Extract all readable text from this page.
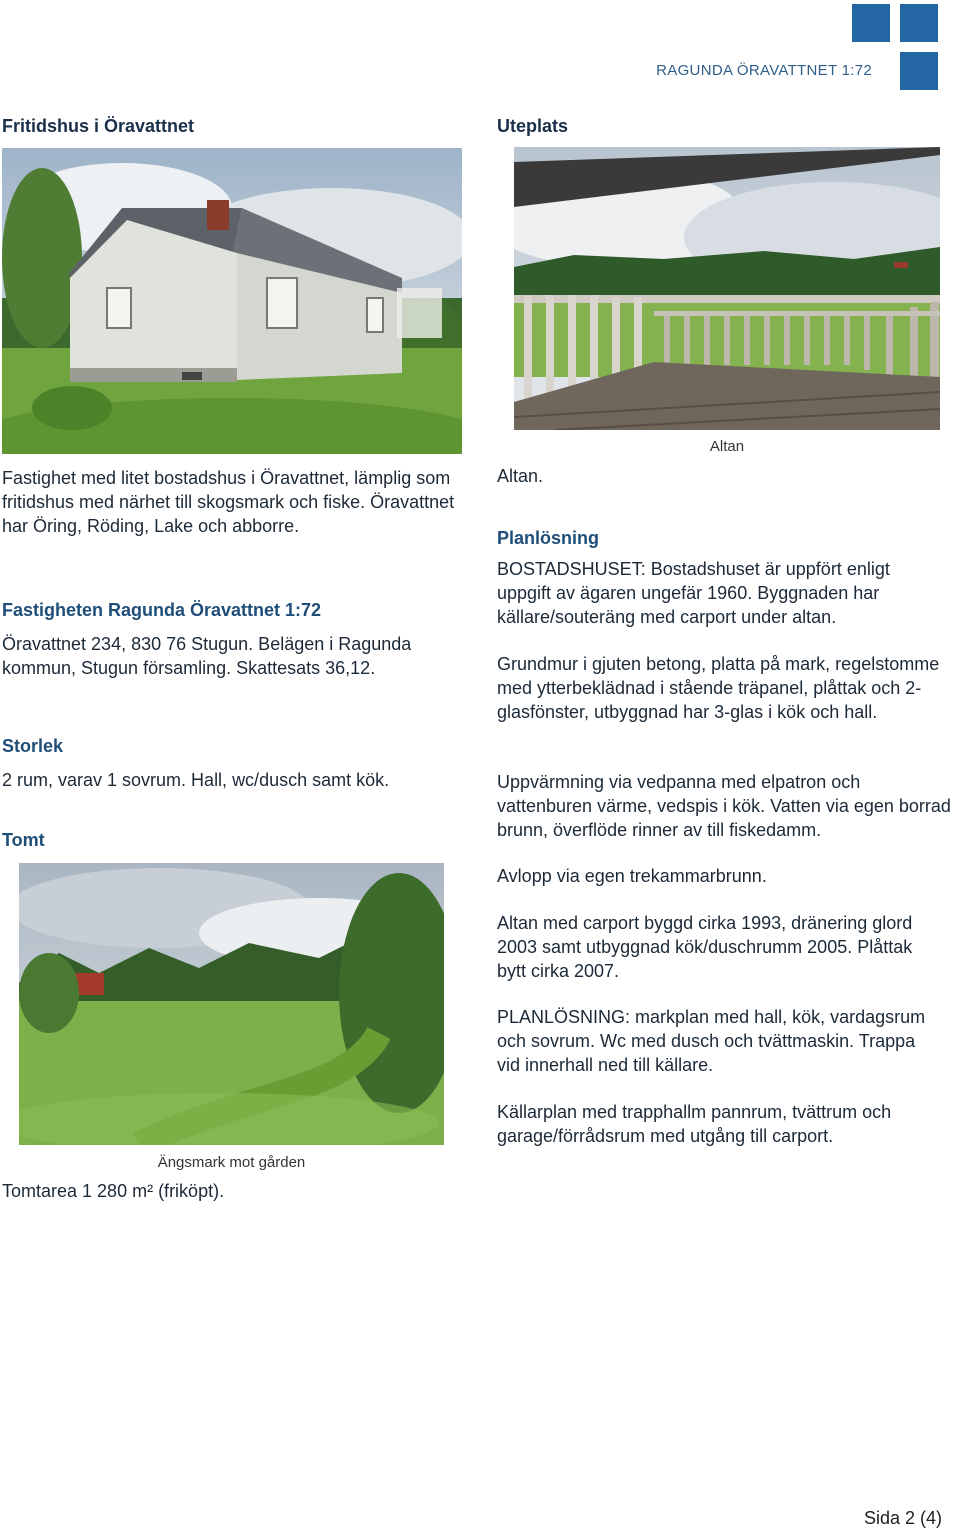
RAGUNDA ÖRAVATTNET 1:72
Fritidshus i Öravattnet

Fastighet med litet bostadshus i Öravattnet, lämplig som fritidshus med närhet till skogsmark och fiske. Öravattnet har Öring, Röding, Lake och abborre.

Fastigheten Ragunda Öravattnet 1:72

Öravattnet 234, 830 76 Stugun. Belägen i Ragunda kommun, Stugun församling. Skattesats 36,12.

Storlek

2 rum, varav 1 sovrum. Hall, wc/dusch samt kök.

Tomt

Ängsmark mot gården

Tomtarea 1 280 m² (friköpt).

Uteplats
Altan

Altan.

Planlösning

BOSTADSHUSET: Bostadshuset är uppfört enligt uppgift av ägaren ungefär 1960. Byggnaden har källare/souteräng med carport under altan.

Grundmur i gjuten betong, platta på mark, regelstomme med ytterbeklädnad i stående träpanel, plåttak och 2-glasfönster, utbyggnad har 3-glas i kök och hall.

Uppvärmning via vedpanna med elpatron och vattenburen värme, vedspis i kök. Vatten via egen borrad brunn, överflöde rinner av till fiskedamm.

Avlopp via egen trekammarbrunn.

Altan med carport byggd cirka 1993, dränering glord 2003 samt utbyggnad kök/duschrumm 2005. Plåttak bytt cirka 2007.

PLANLÖSNING: markplan med hall, kök, vardagsrum och sovrum. Wc med dusch och tvättmaskin. Trappa vid innerhall ned till källare.

Källarplan med trapphallm pannrum, tvättrum och garage/förrådsrum med utgång till carport.

Sida 2 (4)
